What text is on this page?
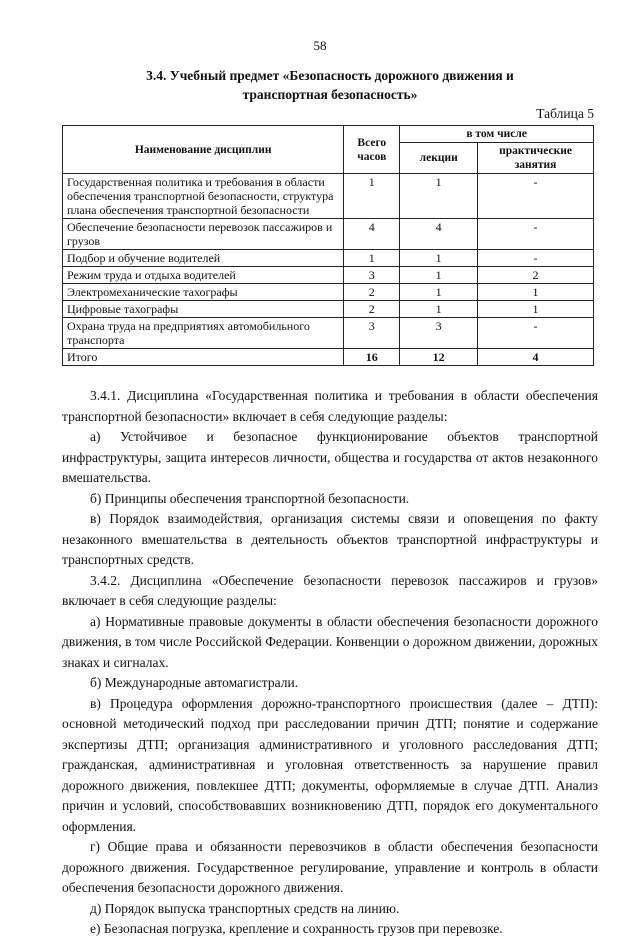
58
3.4. Учебный предмет «Безопасность дорожного движения и
транспортная безопасность»
Таблица 5
Наименование дисциплин	Всего часов	в том числе	
		лекции	практические занятия
Государственная политика и требования в области обеспечения транспортной безопасности, структура плана обеспечения транспортной безопасности	1	1	-
Обеспечение безопасности перевозок пассажиров и грузов	4	4	-
Подбор и обучение водителей	1	1	-
Режим труда и отдыха водителей	3	1	2
Электромеханические тахографы	2	1	1
Цифровые тахографы	2	1	1
Охрана труда на предприятиях автомобильного транспорта	3	3	-
Итого	16	12	4

3.4.1. Дисциплина «Государственная политика и требования в области обеспечения транспортной безопасности» включает в себя следующие разделы:

а) Устойчивое и безопасное функционирование объектов транспортной инфраструктуры, защита интересов личности, общества и государства от актов незаконного вмешательства.

б) Принципы обеспечения транспортной безопасности.

в) Порядок взаимодействия, организация системы связи и оповещения по факту незаконного вмешательства в деятельность объектов транспортной инфраструктуры и транспортных средств.

3.4.2. Дисциплина «Обеспечение безопасности перевозок пассажиров и грузов» включает в себя следующие разделы:

а) Нормативные правовые документы в области обеспечения безопасности дорожного движения, в том числе Российской Федерации. Конвенции о дорожном движении, дорожных знаках и сигналах.

б) Международные автомагистрали.

в) Процедура оформления дорожно-транспортного происшествия (далее – ДТП): основной методический подход при расследовании причин ДТП; понятие и содержание экспертизы ДТП; организация административного и уголовного расследования ДТП; гражданская, административная и уголовная ответственность за нарушение правил дорожного движения, повлекшее ДТП; документы, оформляемые в случае ДТП. Анализ причин и условий, способствовавших возникновению ДТП, порядок его документального оформления.

г) Общие права и обязанности перевозчиков в области обеспечения безопасности дорожного движения. Государственное регулирование, управление и контроль в области обеспечения безопасности дорожного движения.

д) Порядок выпуска транспортных средств на линию.

е) Безопасная погрузка, крепление и сохранность грузов при перевозке.
